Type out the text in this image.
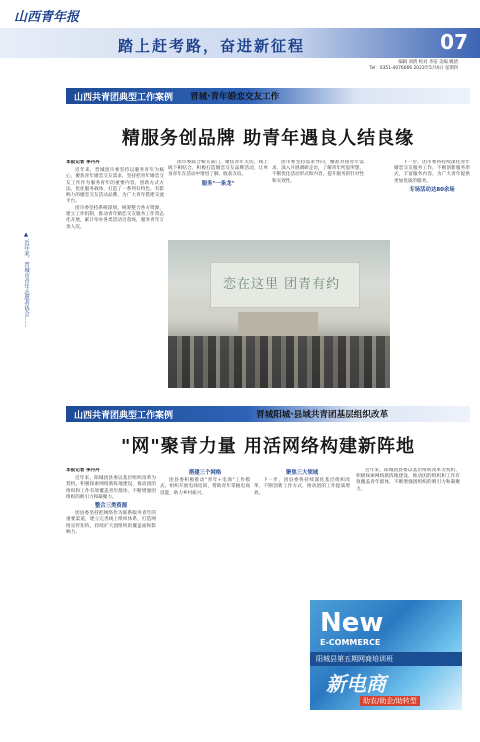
山西青年报
踏上赶考路，奋进新征程	07
编辑 刘倩 校对 李洁 美编 姚倩
Tel：0351-4076666 2023年5月4日 星期四
▲ 近年来，晋城市青年志愿者协会……
山西共青团典型工作案例 晋城·青年婚恋交友工作
精服务创品牌 助青年遇良人结良缘
本报记者 李丹丹

近年来，晋城团市委坚持以服务青年为核心，聚焦青年婚恋交友需求，坚持把青年婚恋交友工作作为服务青年的重要内容，创新方式方法，优化服务载体，打造了一系列有特色、有影响力的婚恋交友活动品牌，为广大青年搭建交流平台。

团市委坚持系统谋划，统筹整合各方资源，建立工作机制，推动青年婚恋交友服务工作常态化开展，累计举办各类活动百余场，服务青年万余人次。

团市委联合相关部门，聚焦青年关切，线上线下相结合，积极打造婚恋交友品牌活动，让单身青年在活动中增进了解、收获友谊。

服务"一条龙"

团市委坚持需求导向，精准对接青年需求，深入开展调研走访，了解青年所思所想，不断优化活动形式和内容，提升服务的针对性和实效性。

下一步，团市委将持续深化青年婚恋交友服务工作，不断创新服务形式，丰富服务内容，为广大青年提供更加优质的服务。

专场活动达80余场
恋在这里 团青有约
山西共青团典型工作案例	晋城阳城·县域共青团基层组织改革
"网"聚青力量 用活网络构建新阵地
本报记者 李丹丹

近年来，阳城团县委以基层组织改革为契机，积极探索网络新阵地建设，推动团的组织和工作有效覆盖青年群体，不断增强团组织的吸引力和凝聚力。

整合三类资源

团县委坚持把网络作为联系服务青年的重要渠道，建立完善线上组织体系，打造网络宣传矩阵，持续扩大团组织的覆盖面和影响力。

搭建三个网格

团县委积极推动"青年+电商"工作模式，组织开展电商培训，帮助青年掌握电商技能，助力乡村振兴。

聚焦三大领域

下一步，团县委将持续深化基层组织改革，不断创新工作方式，推动团的工作提质增效。

近年来，阳城团县委以基层组织改革为契机，积极探索网络新阵地建设，推动团的组织和工作有效覆盖青年群体，不断增强团组织的吸引力和凝聚力。

New
E-COMMERCE
阳城县第五期网商培训班
新电商
助农/助企/助转型
